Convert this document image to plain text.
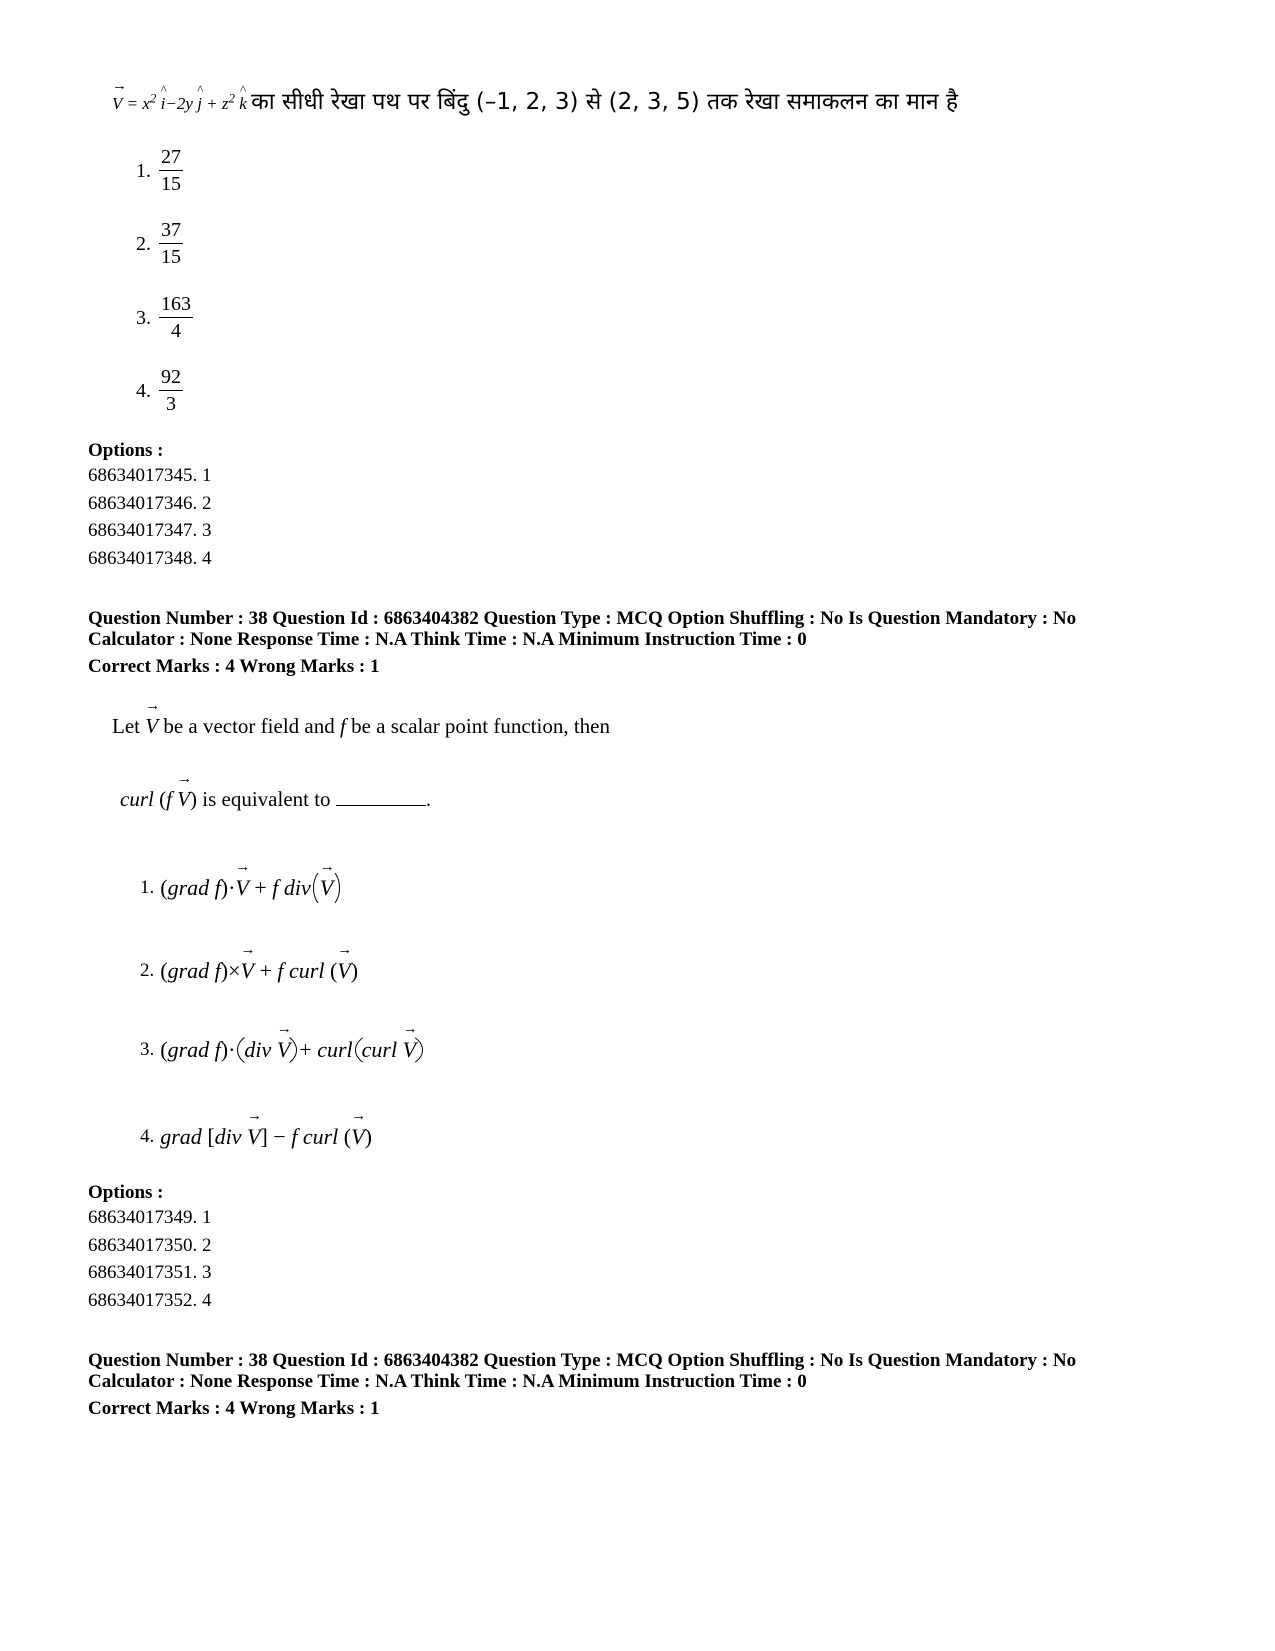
V
→
= $x^2$ i
^
−2y j
^
+ $z^2$ k
^ का सीधी रेखा पथ पर बिंदु (–1, 2, 3) से (2, 3, 5) तक रेखा समाकलन का मान है
1. $\frac{27}{15}$
2. $\frac{37}{15}$
3. $\frac{163}{4}$
4. $\frac{92}{3}$
Options :
68634017345. 1
68634017346. 2
68634017347. 3
68634017348. 4
Question Number : 38 Question Id : 6863404382 Question Type : MCQ Option Shuffling : No Is Question Mandatory : No
Calculator : None Response Time : N.A Think Time : N.A Minimum Instruction Time : 0
Correct Marks : 4 Wrong Marks : 1
Let V
→
be a vector field and f be a scalar point function, then
curl (f V
→
) is equivalent to	.
1. (grad f)·V
→
+ f div V
→
2. (grad f)×V
→
+ f curl (V
→
)
3. (grad f)· div V
→
+ curl curl V
→
4. grad [div V
→
] − f curl (V
→
)
Options :
68634017349. 1
68634017350. 2
68634017351. 3
68634017352. 4
Question Number : 38 Question Id : 6863404382 Question Type : MCQ Option Shuffling : No Is Question Mandatory : No
Calculator : None Response Time : N.A Think Time : N.A Minimum Instruction Time : 0
Correct Marks : 4 Wrong Marks : 1
